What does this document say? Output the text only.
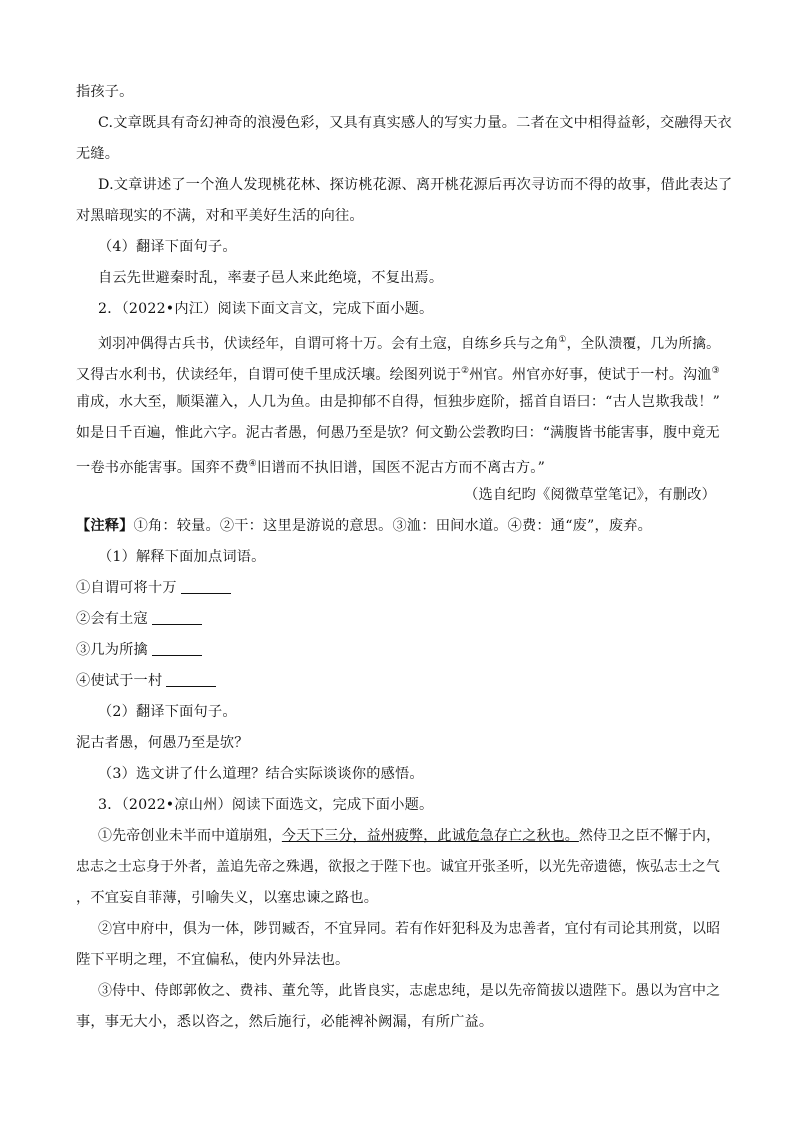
指孩子。
C.文章既具有奇幻神奇的浪漫色彩，又具有真实感人的写实力量。二者在文中相得益彰，交融得天衣
无缝。
D.文章讲述了一个渔人发现桃花林、探访桃花源、离开桃花源后再次寻访而不得的故事，借此表达了
对黑暗现实的不满，对和平美好生活的向往。
（4）翻译下面句子。
自云先世避秦时乱，率妻子邑人来此绝境，不复出焉。
2．（2022•内江）阅读下面文言文，完成下面小题。
刘羽冲偶得古兵书，伏读经年，自谓可将十万。会有土寇，自练乡兵与之角①，全队溃覆，几为所擒。
又得古水利书，伏读经年，自谓可使千里成沃壤。绘图列说于②州官。州官亦好事，使试于一村。沟洫③
甫成，水大至，顺渠灌入，人几为鱼。由是抑郁不自得，恒独步庭阶，摇首自语曰：“古人岂欺我哉！”
如是日千百遍，惟此六字。泥古者愚，何愚乃至是欤？何文勤公尝教昀曰：“满腹皆书能害事，腹中竟无
一卷书亦能害事。国弈不费④旧谱而不执旧谱，国医不泥古方而不离古方。”
（选自纪昀《阅微草堂笔记》，有删改）
【注释】①角：较量。②干：这里是游说的意思。③洫：田间水道。④费：通“废”，废弃。
（1）解释下面加点词语。
①自谓可将十万
②会有土寇
③几为所擒
④使试于一村
（2）翻译下面句子。
泥古者愚，何愚乃至是欤？
（3）选文讲了什么道理？结合实际谈谈你的感悟。
3．（2022•凉山州）阅读下面选文，完成下面小题。
①先帝创业未半而中道崩殂，今天下三分，益州疲弊，此诚危急存亡之秋也。然侍卫之臣不懈于内，
忠志之士忘身于外者，盖追先帝之殊遇，欲报之于陛下也。诚宜开张圣听，以光先帝遗德，恢弘志士之气
，不宜妄自菲薄，引喻失义，以塞忠谏之路也。
②宫中府中，俱为一体，陟罚臧否，不宜异同。若有作奸犯科及为忠善者，宜付有司论其刑赏，以昭
陛下平明之理，不宜偏私，使内外异法也。
③侍中、侍郎郭攸之、费祎、董允等，此皆良实，志虑忠纯，是以先帝简拔以遗陛下。愚以为宫中之
事，事无大小，悉以咨之，然后施行，必能裨补阙漏，有所广益。
